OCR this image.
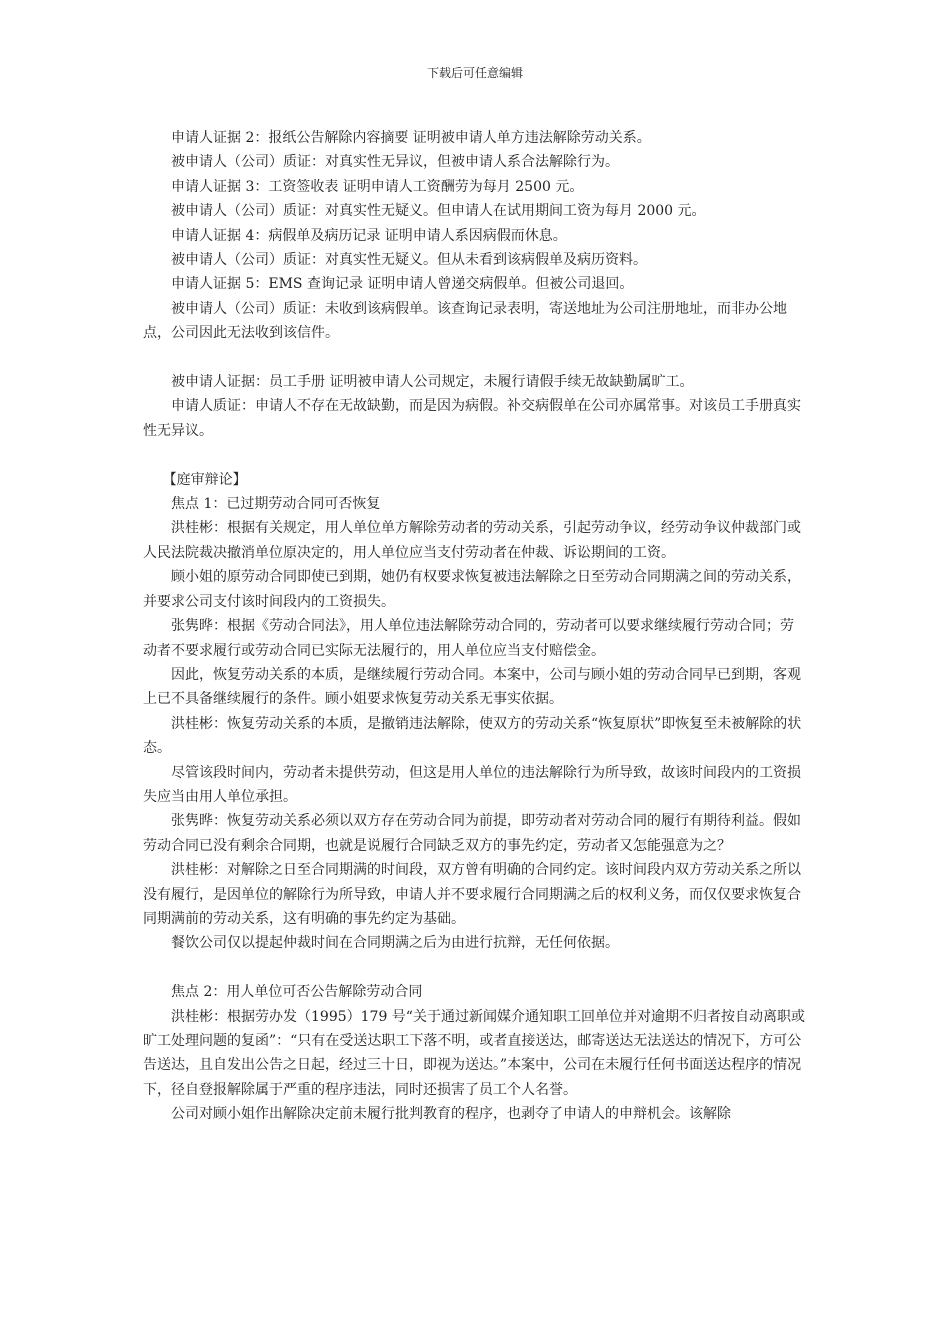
下载后可任意编辑

申请人证据 2：报纸公告解除内容摘要 证明被申请人单方违法解除劳动关系。

被申请人（公司）质证：对真实性无异议，但被申请人系合法解除行为。

申请人证据 3：工资签收表 证明申请人工资酬劳为每月 2500 元。

被申请人（公司）质证：对真实性无疑义。但申请人在试用期间工资为每月 2000 元。

申请人证据 4：病假单及病历记录 证明申请人系因病假而休息。

被申请人（公司）质证：对真实性无疑义。但从未看到该病假单及病历资料。

申请人证据 5：EMS 查询记录 证明申请人曾递交病假单。但被公司退回。

被申请人（公司）质证：未收到该病假单。该查询记录表明，寄送地址为公司注册地址，而非办公地点，公司因此无法收到该信件。

被申请人证据：员工手册 证明被申请人公司规定，未履行请假手续无故缺勤属旷工。

申请人质证：申请人不存在无故缺勤，而是因为病假。补交病假单在公司亦属常事。对该员工手册真实性无异议。

【庭审辩论】

焦点 1：已过期劳动合同可否恢复

洪桂彬：根据有关规定，用人单位单方解除劳动者的劳动关系，引起劳动争议，经劳动争议仲裁部门或人民法院裁决撤消单位原决定的，用人单位应当支付劳动者在仲裁、诉讼期间的工资。

顾小姐的原劳动合同即使已到期，她仍有权要求恢复被违法解除之日至劳动合同期满之间的劳动关系，并要求公司支付该时间段内的工资损失。

张隽晔：根据《劳动合同法》，用人单位违法解除劳动合同的，劳动者可以要求继续履行劳动合同；劳动者不要求履行或劳动合同已实际无法履行的，用人单位应当支付赔偿金。

因此，恢复劳动关系的本质，是继续履行劳动合同。本案中，公司与顾小姐的劳动合同早已到期，客观上已不具备继续履行的条件。顾小姐要求恢复劳动关系无事实依据。

洪桂彬：恢复劳动关系的本质，是撤销违法解除，使双方的劳动关系“恢复原状”即恢复至未被解除的状态。

尽管该段时间内，劳动者未提供劳动，但这是用人单位的违法解除行为所导致，故该时间段内的工资损失应当由用人单位承担。

张隽晔：恢复劳动关系必须以双方存在劳动合同为前提，即劳动者对劳动合同的履行有期待利益。假如劳动合同已没有剩余合同期，也就是说履行合同缺乏双方的事先约定，劳动者又怎能强意为之？

洪桂彬：对解除之日至合同期满的时间段，双方曾有明确的合同约定。该时间段内双方劳动关系之所以没有履行，是因单位的解除行为所导致，申请人并不要求履行合同期满之后的权利义务，而仅仅要求恢复合同期满前的劳动关系，这有明确的事先约定为基础。

餐饮公司仅以提起仲裁时间在合同期满之后为由进行抗辩，无任何依据。

焦点 2：用人单位可否公告解除劳动合同

洪桂彬：根据劳办发（1995）179 号“关于通过新闻媒介通知职工回单位并对逾期不归者按自动离职或旷工处理问题的复函”：“只有在受送达职工下落不明，或者直接送达，邮寄送达无法送达的情况下，方可公告送达，且自发出公告之日起，经过三十日，即视为送达。”本案中，公司在未履行任何书面送达程序的情况下，径自登报解除属于严重的程序违法，同时还损害了员工个人名誉。

公司对顾小姐作出解除决定前未履行批判教育的程序，也剥夺了申请人的申辩机会。该解除
